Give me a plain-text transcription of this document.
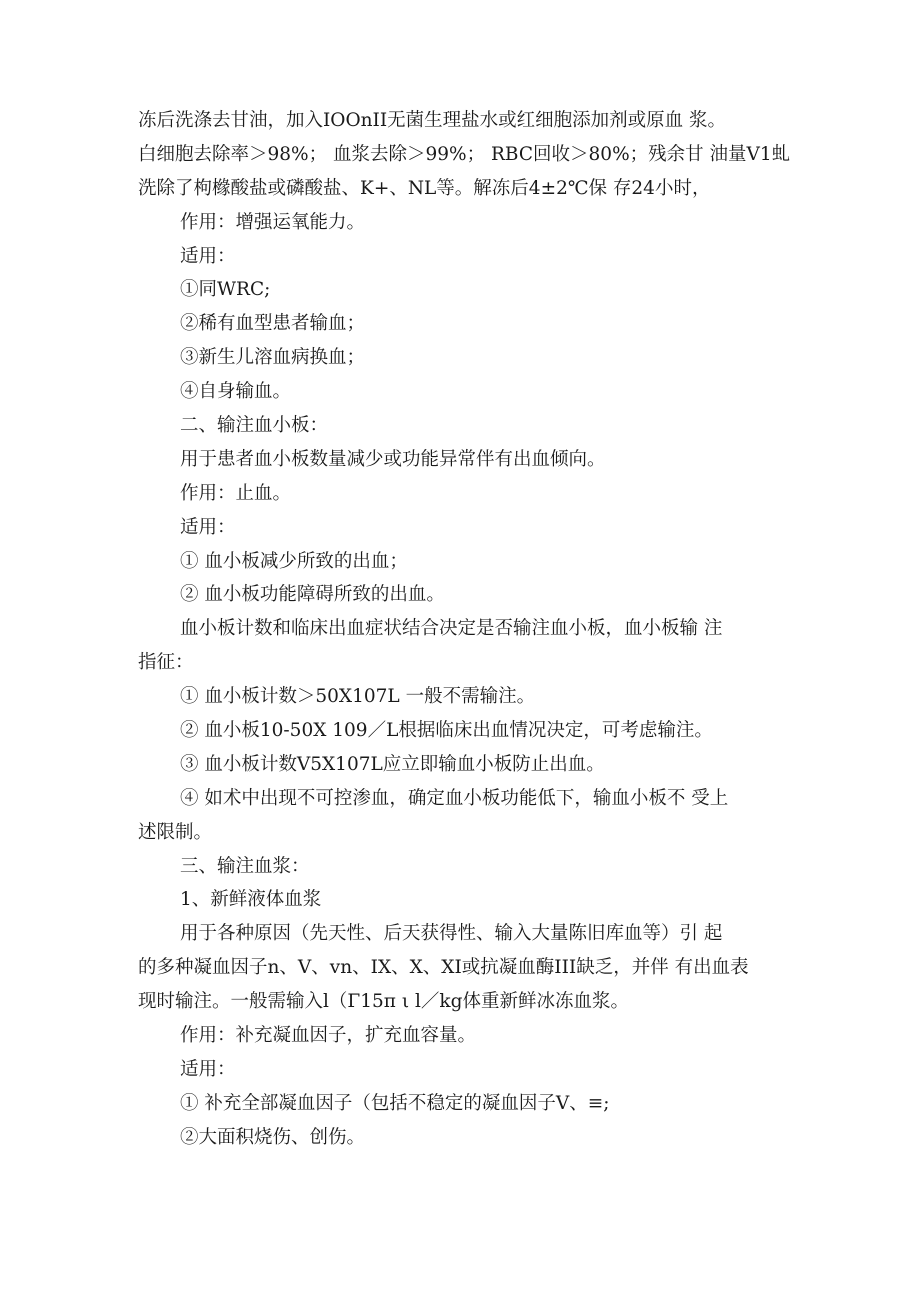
冻后洗涤去甘油，加入IOOnII无菌生理盐水或红细胞添加剂或原血 浆。
白细胞去除率＞98%； 血浆去除＞99%； RBC回收＞80%；残余甘 油量V1虬
洗除了枸橼酸盐或磷酸盐、K+、NL等。解冻后4±2℃保 存24小时，
作用：增强运氧能力。
适用：
①同WRC;
②稀有血型患者输血；
③新生儿溶血病换血；
④自身输血。
二、输注血小板：
用于患者血小板数量减少或功能异常伴有出血倾向。
作用：止血。
适用：
① 血小板减少所致的出血；
② 血小板功能障碍所致的出血。
血小板计数和临床出血症状结合决定是否输注血小板，血小板输 注
指征：
① 血小板计数＞50X107L 一般不需输注。
② 血小板10-50X 109／L根据临床出血情况决定，可考虑输注。
③ 血小板计数V5X107L应立即输血小板防止出血。
④ 如术中出现不可控渗血，确定血小板功能低下，输血小板不 受上
述限制。
三、输注血浆：
1、新鲜液体血浆
用于各种原因（先天性、后天获得性、输入大量陈旧库血等）引 起
的多种凝血因子n、V、vn、IX、X、XI或抗凝血酶III缺乏，并伴 有出血表
现时输注。一般需输入l（Γ15π ι l／kg体重新鲜冰冻血浆。
作用：补充凝血因子，扩充血容量。
适用：
① 补充全部凝血因子（包括不稳定的凝血因子V、≡;
②大面积烧伤、创伤。
